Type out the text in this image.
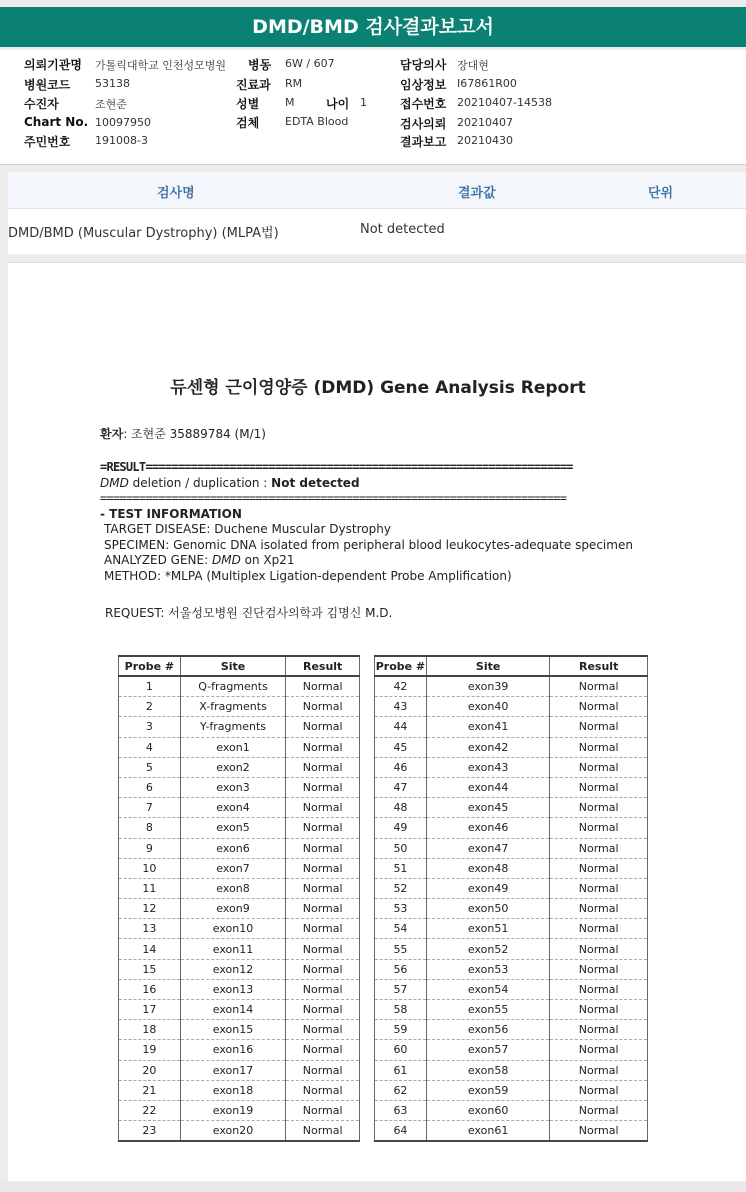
DMD/BMD 검사결과보고서
의뢰기관명 가톨릭대학교 인천성모병원 병동 6W / 607	담당의사 장대현
병원코드 53138	진료과 RM	임상정보 I67861R00
수진자	조현준	성별 M	나이 1	접수번호 20210407-14538
Chart No. 10097950	검체 EDTA Blood	검사의뢰 20210407
주민번호 191008-3	결과보고 20210430
검사명	결과값	단위
DMD/BMD (Muscular Dystrophy) (MLPA법)	Not detected
듀센형 근이영양증 (DMD) Gene Analysis Report
환자: 조현준 35889784 (M/1)
=RESULT==================================================================
DMD deletion / duplication : Not detected
========================================================================
- TEST INFORMATION
TARGET DISEASE: Duchene Muscular Dystrophy
SPECIMEN: Genomic DNA isolated from peripheral blood leukocytes-adequate specimen
ANALYZED GENE: DMD on Xp21
METHOD: *MLPA (Multiplex Ligation-dependent Probe Amplification)
REQUEST: 서울성모병원 진단검사의학과 김명신 M.D.
Probe #	Site	Result
1	Q-fragments	Normal
2	X-fragments	Normal
3	Y-fragments	Normal
4	exon1	Normal
5	exon2	Normal
6	exon3	Normal
7	exon4	Normal
8	exon5	Normal
9	exon6	Normal
10	exon7	Normal
11	exon8	Normal
12	exon9	Normal
13	exon10	Normal
14	exon11	Normal
15	exon12	Normal
16	exon13	Normal
17	exon14	Normal
18	exon15	Normal
19	exon16	Normal
20	exon17	Normal
21	exon18	Normal
22	exon19	Normal
23	exon20	Normal
Probe #	Site	Result
42	exon39	Normal
43	exon40	Normal
44	exon41	Normal
45	exon42	Normal
46	exon43	Normal
47	exon44	Normal
48	exon45	Normal
49	exon46	Normal
50	exon47	Normal
51	exon48	Normal
52	exon49	Normal
53	exon50	Normal
54	exon51	Normal
55	exon52	Normal
56	exon53	Normal
57	exon54	Normal
58	exon55	Normal
59	exon56	Normal
60	exon57	Normal
61	exon58	Normal
62	exon59	Normal
63	exon60	Normal
64	exon61	Normal
